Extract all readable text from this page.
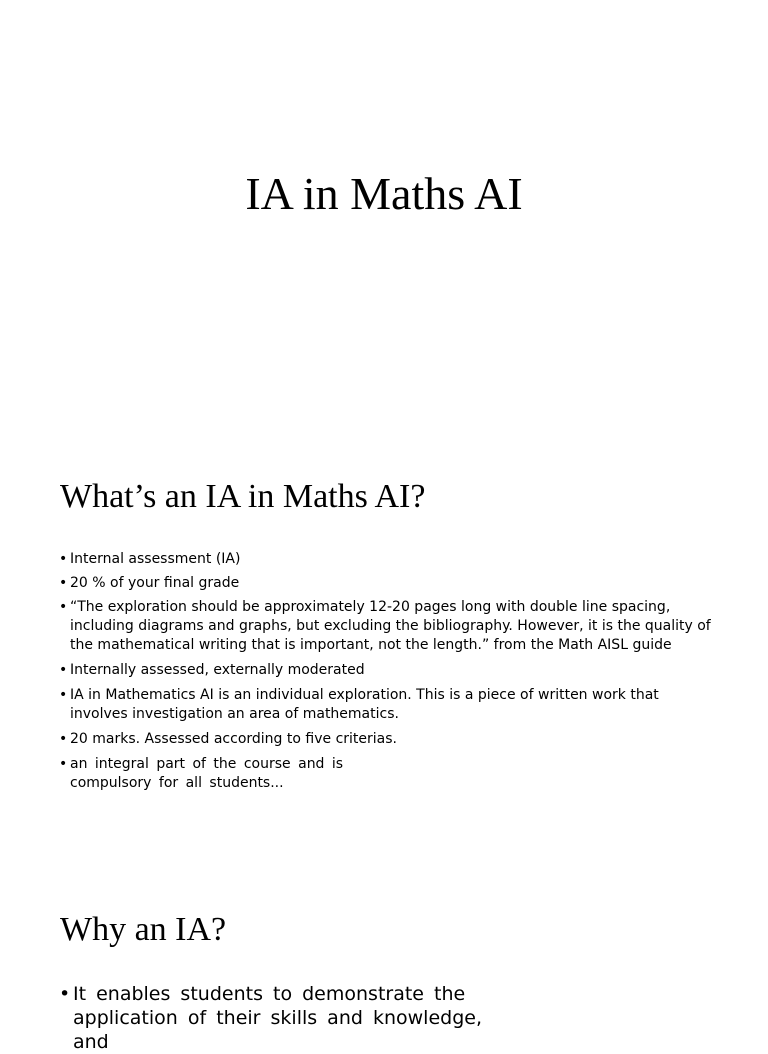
IA in Maths AI
What’s an IA in Maths AI?
• Internal assessment (IA)
• 20 % of your final grade
• “The exploration should be approximately 12-20 pages long with double line spacing, including diagrams and graphs, but excluding the bibliography. However, it is the quality of the mathematical writing that is important, not the length.” from the Math AISL guide
• Internally assessed, externally moderated
• IA in Mathematics AI is an individual exploration. This is a piece of written work that involves investigation an area of mathematics.
• 20 marks. Assessed according to five criterias.
• an integral part of the course and is compulsory for all students...
Why an IA?
• It enables students to demonstrate the application of their skills and knowledge, and
